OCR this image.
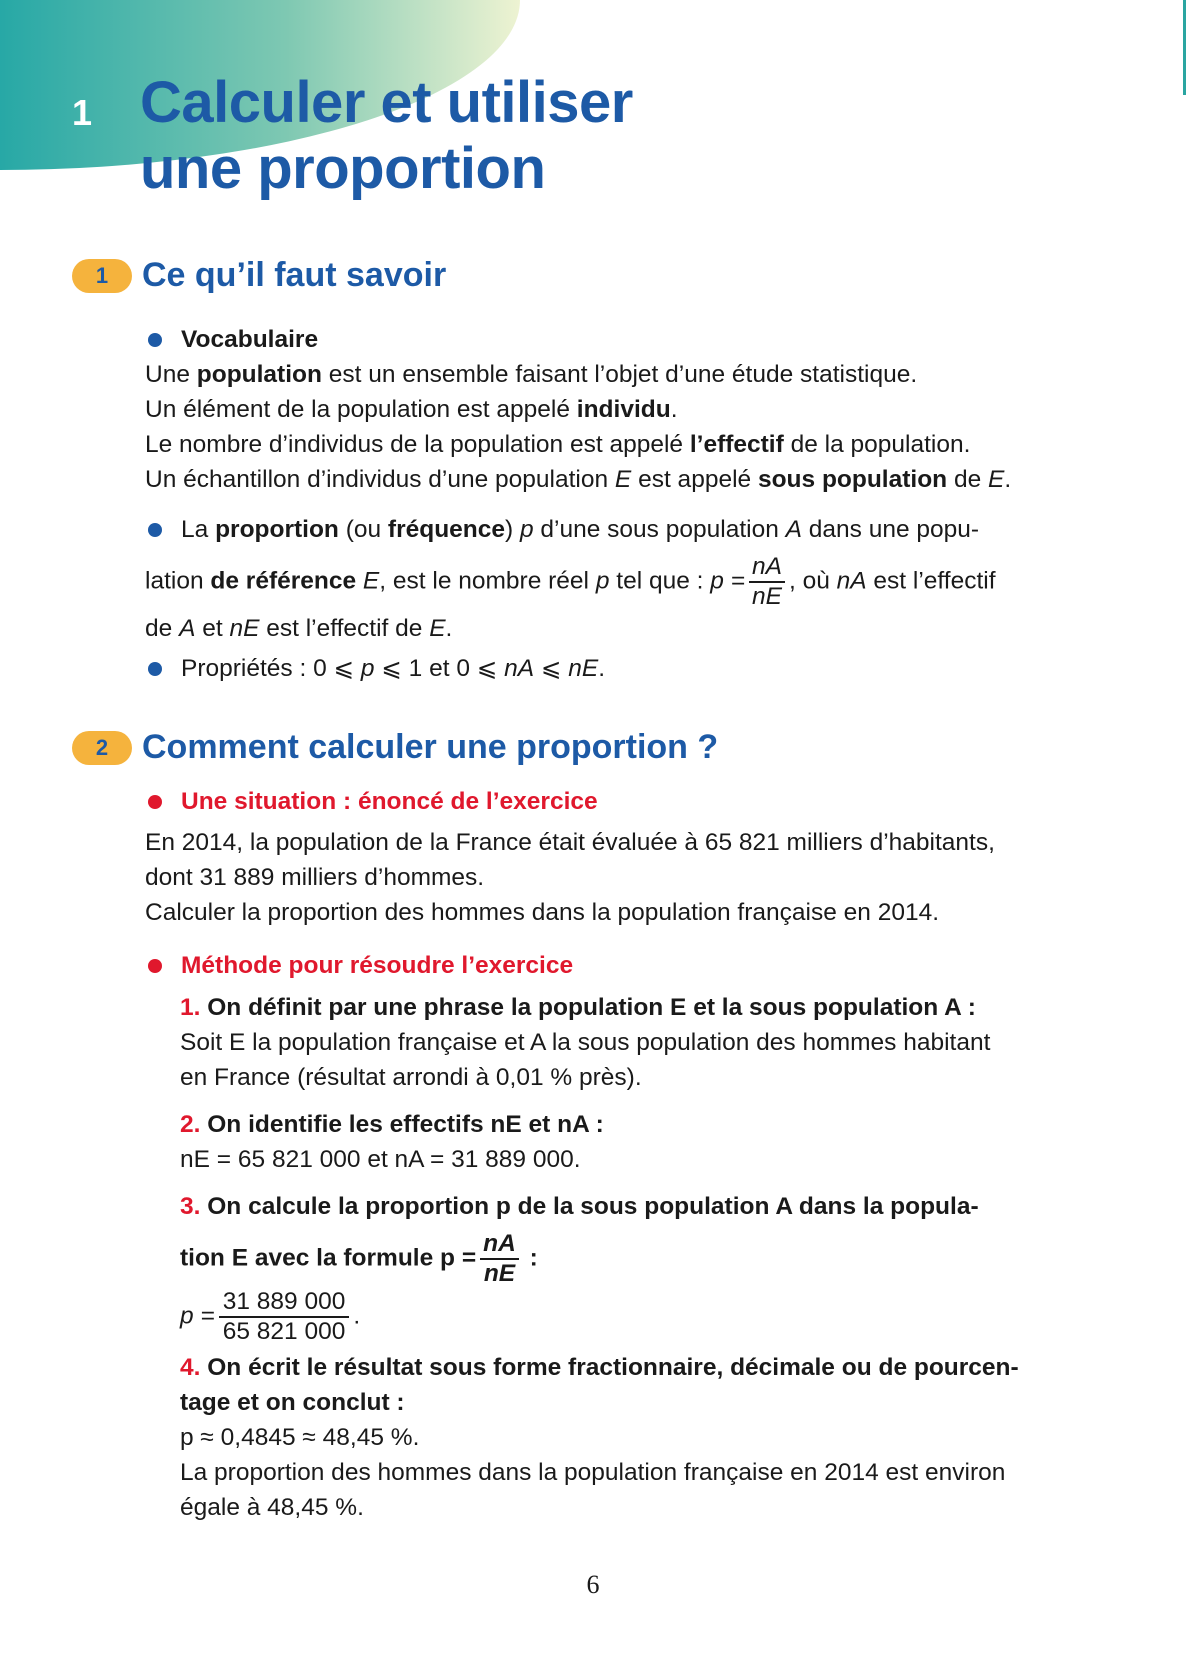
1 Calculer et utiliser
une proportion
1 Ce qu’il faut savoir
Vocabulaire

Une population est un ensemble faisant l’objet d’une étude statistique.

Un élément de la population est appelé individu.

Le nombre d’individus de la population est appelé l’effectif de la population.

Un échantillon d’individus d’une population E est appelé sous population de E.

La proportion (ou fréquence) p d’une sous population A dans une popu-

lation de référence E, est le nombre réel p tel que : $p = \frac{nA}{nE}$ , où nA est l’effectif

de A et nE est l’effectif de E.

Propriétés : 0 ⩽ p ⩽ 1 et 0 ⩽ nA ⩽ nE.
2 Comment calculer une proportion ?
Une situation : énoncé de l’exercice

En 2014, la population de la France était évaluée à 65 821 milliers d’habitants,

dont 31 889 milliers d’hommes.

Calculer la proportion des hommes dans la population française en 2014.

Méthode pour résoudre l’exercice

1. On définit par une phrase la population E et la sous population A :

Soit E la population française et A la sous population des hommes habitant

en France (résultat arrondi à 0,01 % près).

2. On identifie les effectifs nE et nA :

nE = 65 821 000 et nA = 31 889 000.

3. On calcule la proportion p de la sous population A dans la popula-

tion E avec la formule $p = \frac{nA}{nE}$ :

$p = \frac{31 889 000}{65 821 000}$ .

4. On écrit le résultat sous forme fractionnaire, décimale ou de pourcen-

tage et on conclut :

p ≈ 0,4845 ≈ 48,45 %.

La proportion des hommes dans la population française en 2014 est environ

égale à 48,45 %.

6
